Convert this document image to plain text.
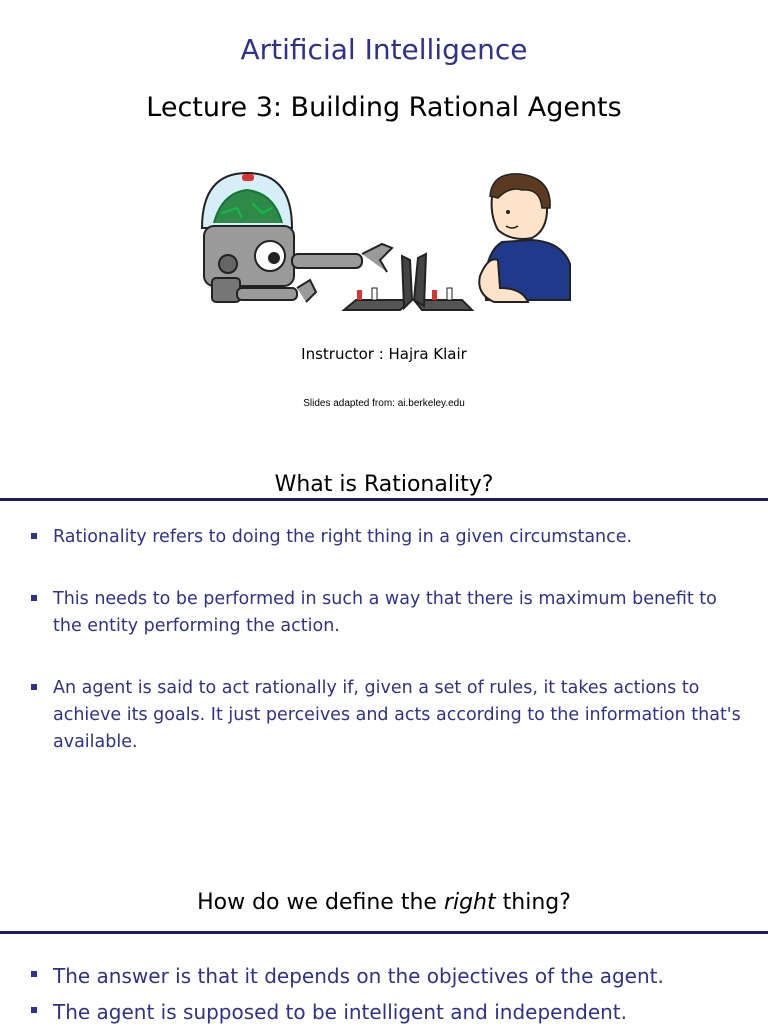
Artificial Intelligence
Lecture 3: Building Rational Agents
Instructor : Hajra Klair
Slides adapted from: ai.berkeley.edu
What is Rationality?
Rationality refers to doing the right thing in a given circumstance.
This needs to be performed in such a way that there is maximum benefit to the entity performing the action.
An agent is said to act rationally if, given a set of rules, it takes actions to achieve its goals. It just perceives and acts according to the information that's available.
How do we define the right thing?
The answer is that it depends on the objectives of the agent.
The agent is supposed to be intelligent and independent.
